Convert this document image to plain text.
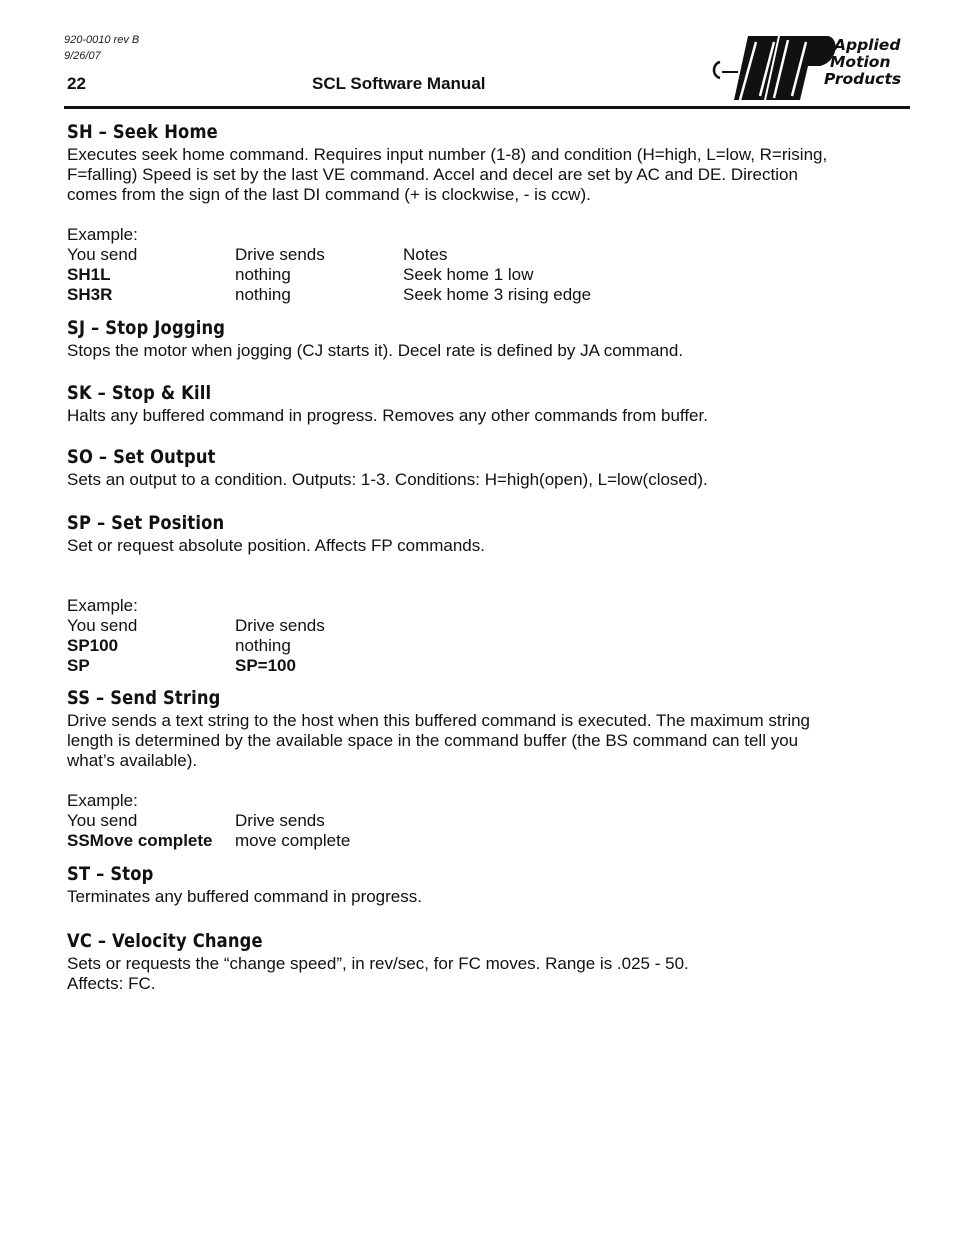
920-0010 rev B
9/26/07
22	SCL Software Manual
Applied
Motion
Products
SH – Seek Home
Executes seek home command. Requires input number (1-8) and condition (H=high, L=low, R=rising,
F=falling) Speed is set by the last VE command. Accel and decel are set by AC and DE. Direction
comes from the sign of the last DI command (+ is clockwise, - is ccw).
Example:
You send	Drive sends	Notes
SH1L	nothing	Seek home 1 low
SH3R	nothing	Seek home 3 rising edge
SJ – Stop Jogging
Stops the motor when jogging (CJ starts it). Decel rate is defined by JA command.
SK – Stop & Kill
Halts any buffered command in progress. Removes any other commands from buffer.
SO – Set Output
Sets an output to a condition. Outputs: 1-3. Conditions: H=high(open), L=low(closed).
SP – Set Position
Set or request absolute position. Affects FP commands.
Example:
You send	Drive sends
SP100	nothing
SP	SP=100
SS – Send String
Drive sends a text string to the host when this buffered command is executed. The maximum string
length is determined by the available space in the command buffer (the BS command can tell you
what’s available).
Example:
You send	Drive sends
SSMove complete	move complete
ST – Stop
Terminates any buffered command in progress.
VC – Velocity Change
Sets or requests the “change speed”, in rev/sec, for FC moves. Range is .025 - 50.
Affects: FC.
